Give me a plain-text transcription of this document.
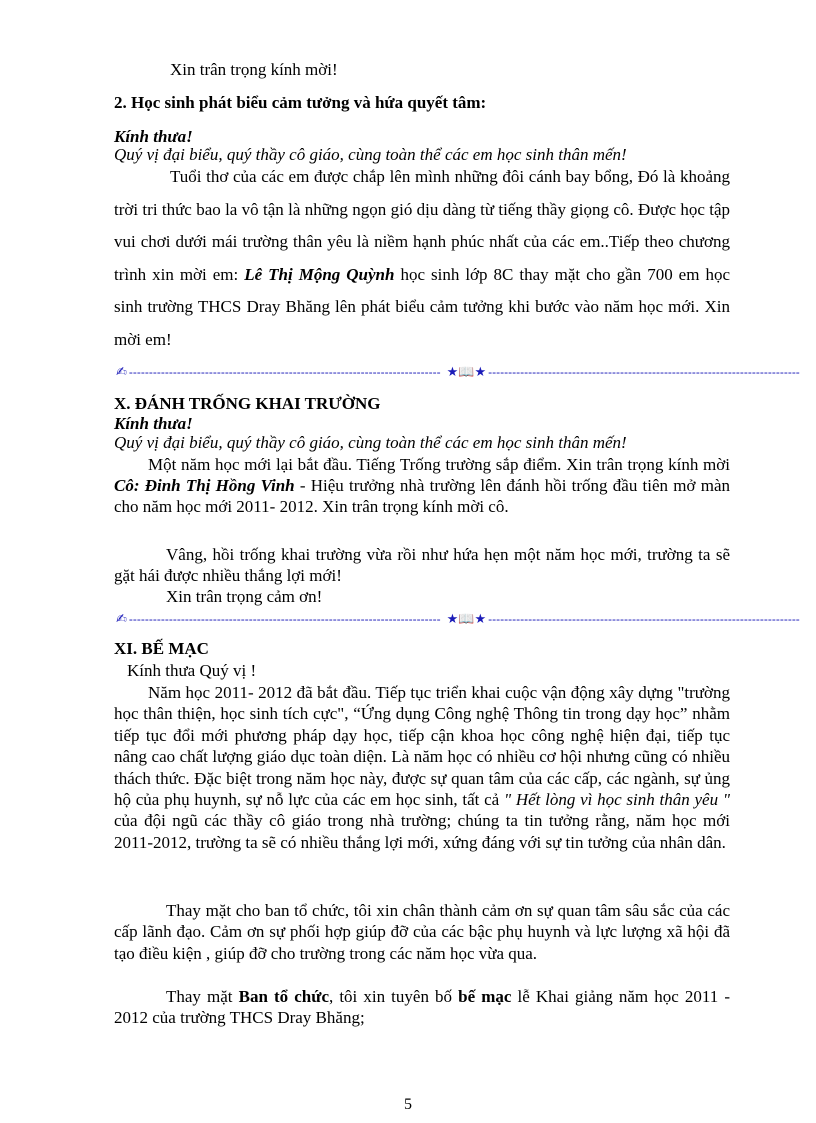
Xin trân trọng kính mời!
2. Học sinh phát biểu cảm tưởng và hứa quyết tâm:
Kính thưa!
Quý vị đại biểu, quý thầy cô giáo, cùng toàn thể các em học sinh thân mến!
Tuổi thơ của các em được chắp lên mình những đôi cánh bay bổng, Đó là khoảng trời tri thức bao la vô tận là những ngọn gió dịu dàng từ tiếng thầy giọng cô. Được học tập vui chơi dưới mái trường thân yêu là niềm hạnh phúc nhất của các em..Tiếp theo chương trình xin mời em: Lê Thị Mộng Quỳnh học sinh lớp 8C thay mặt cho gần 700 em học sinh trường THCS Dray Bhăng lên phát biểu cảm tưởng khi bước vào năm học mới. Xin mời em!
✍ ------------------------------------------------------------------------------ ★📖★ ------------------------------------------------------------------------------
X. ĐÁNH TRỐNG KHAI TRƯỜNG
Kính thưa!
Quý vị đại biểu, quý thầy cô giáo, cùng toàn thể các em học sinh thân mến!
Một năm học mới lại bắt đầu. Tiếng Trống trường sắp điểm. Xin trân trọng kính mời Cô: Đinh Thị Hồng Vinh - Hiệu trưởng nhà trường lên đánh hồi trống đầu tiên mở màn cho năm học mới 2011- 2012. Xin trân trọng kính mời cô.
Vâng, hồi trống khai trường vừa rồi như hứa hẹn một năm học mới, trường ta sẽ gặt hái được nhiều thắng lợi mới!
Xin trân trọng cảm ơn!
✍ ------------------------------------------------------------------------------ ★📖★ ------------------------------------------------------------------------------
XI. BẾ MẠC
Kính thưa Quý vị !
Năm học 2011- 2012 đã bắt đầu. Tiếp tục triển khai cuộc vận động xây dựng "trường học thân thiện, học sinh tích cực", “Ứng dụng Công nghệ Thông tin trong dạy học” nhằm tiếp tục đổi mới phương pháp dạy học, tiếp cận khoa học công nghệ hiện đại, tiếp tục nâng cao chất lượng giáo dục toàn diện. Là năm học có nhiều cơ hội nhưng cũng có nhiều thách thức. Đặc biệt trong năm học này, được sự quan tâm của các cấp, các ngành, sự ủng hộ của phụ huynh, sự nỗ lực của các em học sinh, tất cả " Hết lòng vì học sinh thân yêu " của đội ngũ các thầy cô giáo trong nhà trường; chúng ta tin tưởng rằng, năm học mới 2011-2012, trường ta sẽ có nhiều thắng lợi mới, xứng đáng với sự tin tưởng của nhân dân.
Thay mặt cho ban tổ chức, tôi xin chân thành cảm ơn sự quan tâm sâu sắc của các cấp lãnh đạo. Cảm ơn sự phối hợp giúp đỡ của các bậc phụ huynh và lực lượng xã hội đã tạo điều kiện , giúp đỡ cho trường trong các năm học vừa qua.
Thay mặt Ban tổ chức, tôi xin tuyên bố bế mạc lễ Khai giảng năm học 2011 - 2012 của trường THCS Dray Bhăng;
5
